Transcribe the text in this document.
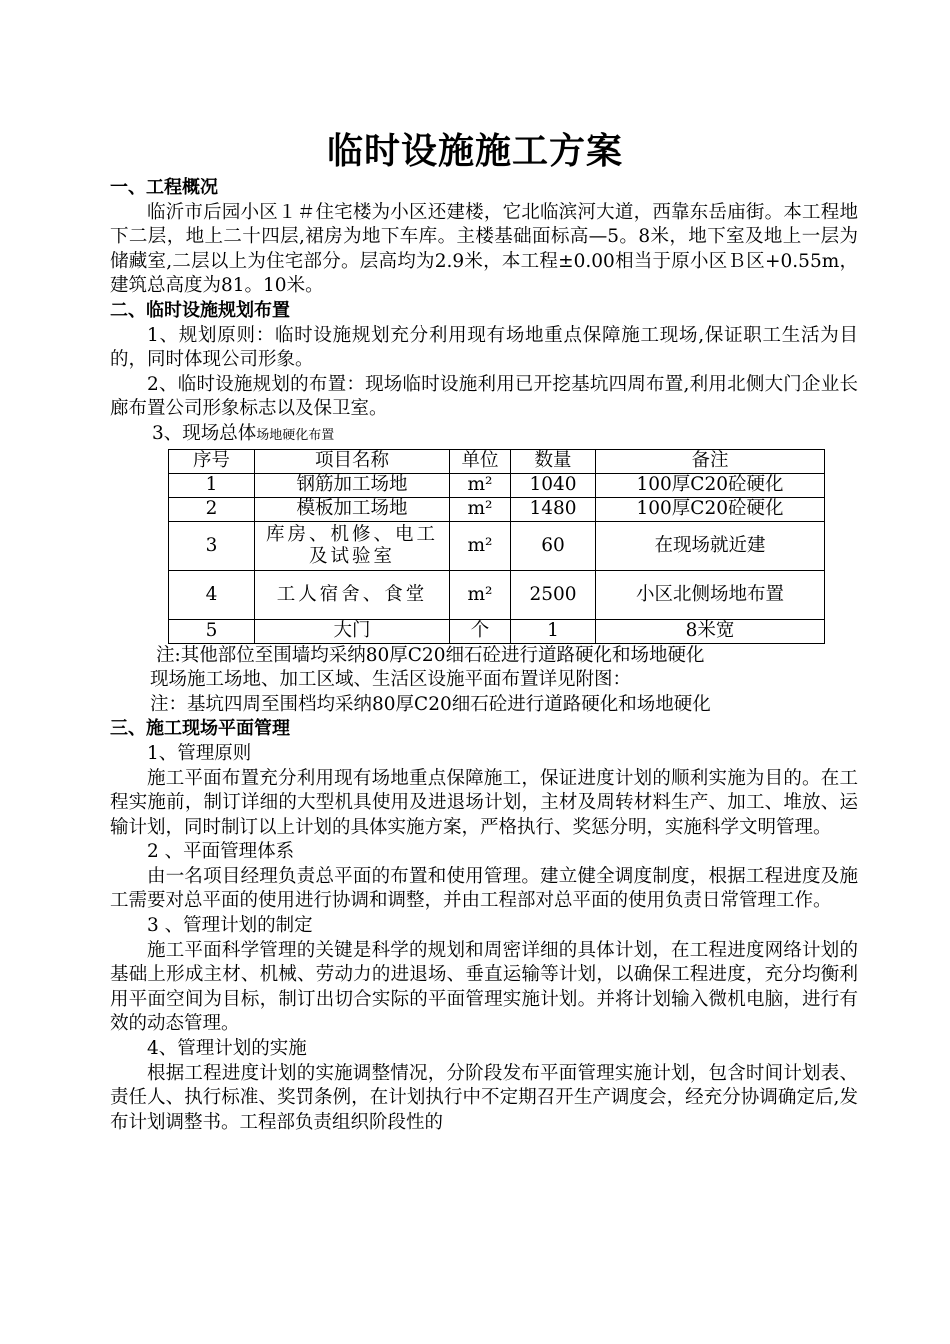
临时设施施工方案

一、工程概况

临沂市后园小区１＃住宅楼为小区还建楼，它北临滨河大道，西靠东岳庙街。本工程地下二层，地上二十四层,裙房为地下车库。主楼基础面标高—5。8米，地下室及地上一层为储藏室,二层以上为住宅部分。层高均为2.9米，本工程±0.00相当于原小区Ｂ区+0.55m，建筑总高度为81。10米。

二、临时设施规划布置

1、规划原则：临时设施规划充分利用现有场地重点保障施工现场,保证职工生活为目的，同时体现公司形象。

2、临时设施规划的布置：现场临时设施利用已开挖基坑四周布置,利用北侧大门企业长廊布置公司形象标志以及保卫室。

3、现场总体场地硬化布置

序号	项目名称	单位	数量	备注
1	钢筋加工场地	m²	1040	100厚C20砼硬化
2	模板加工场地	m²	1480	100厚C20砼硬化
3	库房、机修、电工及试验室	m²	60	在现场就近建
4	工人宿舍、食堂	m²	2500	小区北侧场地布置
5	大门	个	1	8米宽

注:其他部位至围墙均采纳80厚C20细石砼进行道路硬化和场地硬化

现场施工场地、加工区域、生活区设施平面布置详见附图：

注：基坑四周至围档均采纳80厚C20细石砼进行道路硬化和场地硬化

三、施工现场平面管理

1、管理原则

施工平面布置充分利用现有场地重点保障施工，保证进度计划的顺利实施为目的。在工程实施前，制订详细的大型机具使用及进退场计划，主材及周转材料生产、加工、堆放、运输计划，同时制订以上计划的具体实施方案，严格执行、奖惩分明，实施科学文明管理。

2 、平面管理体系

由一名项目经理负责总平面的布置和使用管理。建立健全调度制度，根据工程进度及施工需要对总平面的使用进行协调和调整，并由工程部对总平面的使用负责日常管理工作。

3 、管理计划的制定

施工平面科学管理的关键是科学的规划和周密详细的具体计划，在工程进度网络计划的基础上形成主材、机械、劳动力的进退场、垂直运输等计划，以确保工程进度，充分均衡利用平面空间为目标，制订出切合实际的平面管理实施计划。并将计划输入微机电脑，进行有效的动态管理。

4、管理计划的实施

根据工程进度计划的实施调整情况，分阶段发布平面管理实施计划，包含时间计划表、责任人、执行标准、奖罚条例，在计划执行中不定期召开生产调度会，经充分协调确定后,发布计划调整书。工程部负责组织阶段性的
